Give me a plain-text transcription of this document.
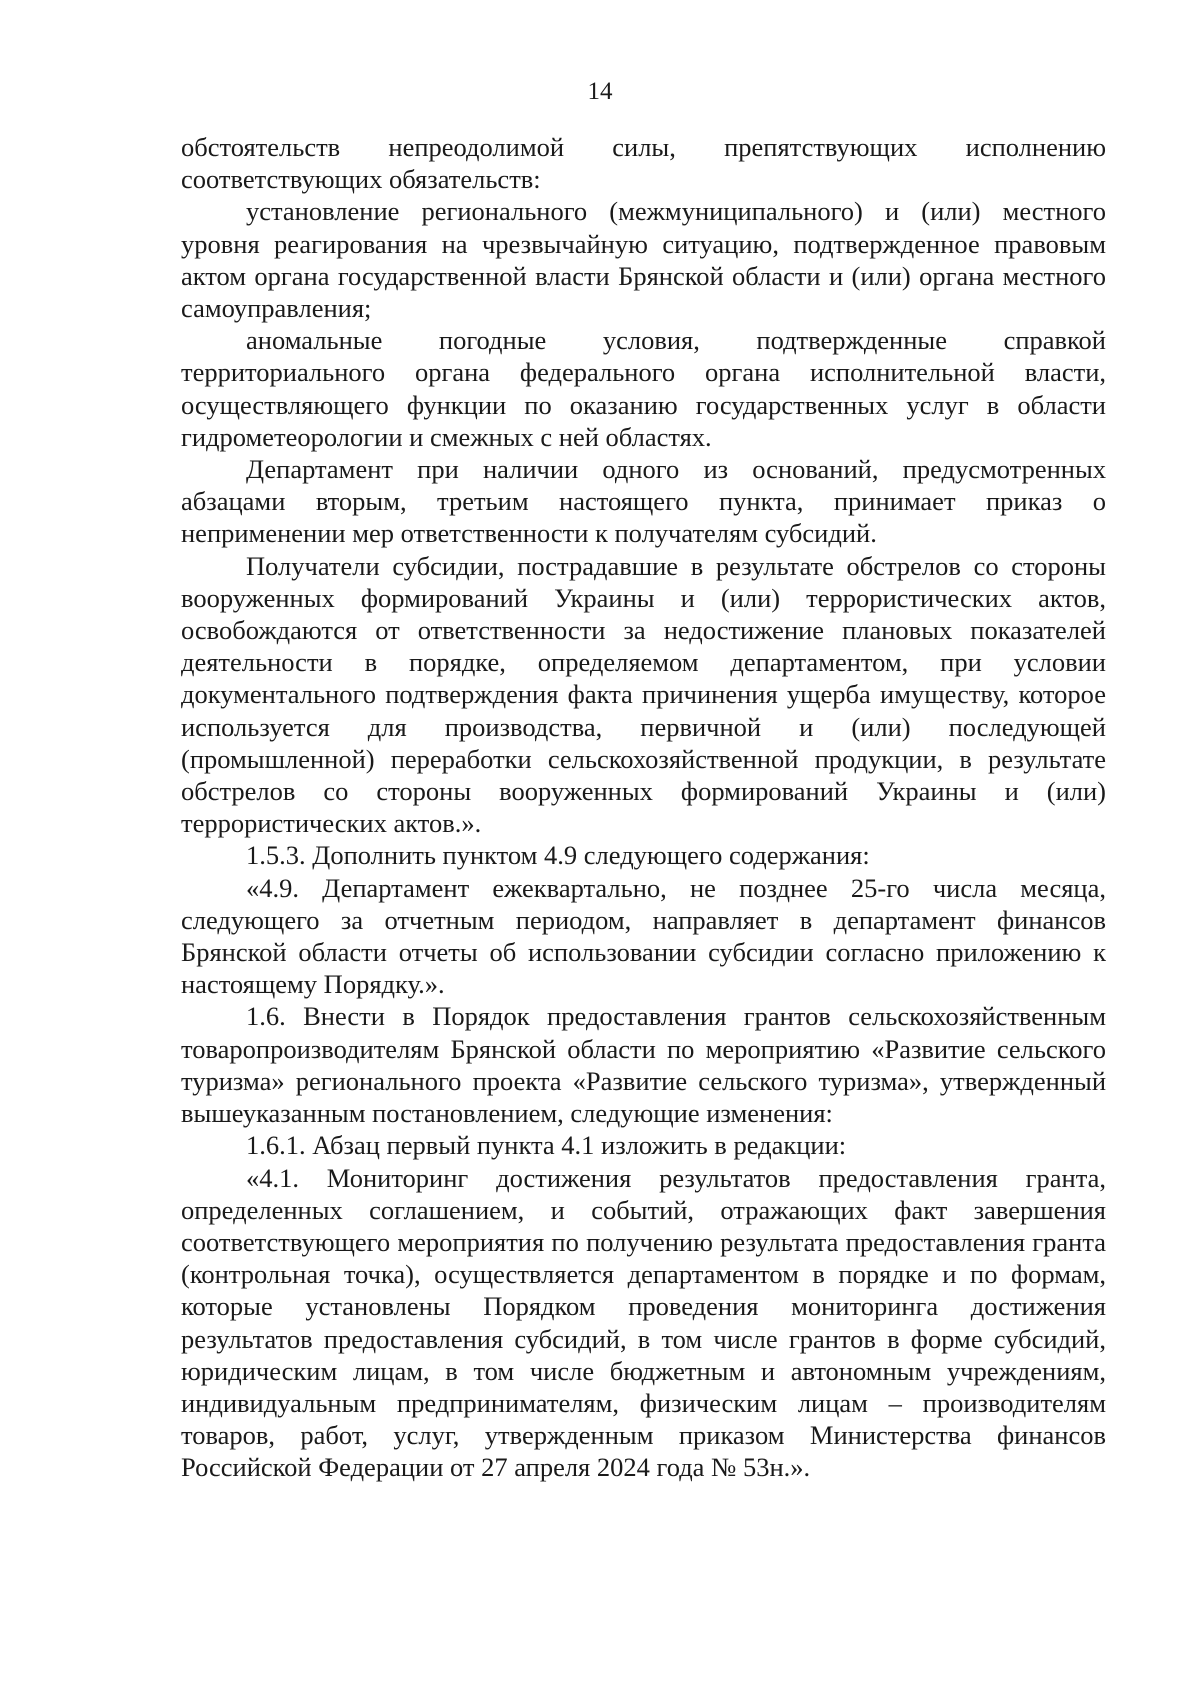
14

обстоятельств непреодолимой силы, препятствующих исполнению соответствующих обязательств:

установление регионального (межмуниципального) и (или) местного уровня реагирования на чрезвычайную ситуацию, подтвержденное правовым актом органа государственной власти Брянской области и (или) органа местного самоуправления;

аномальные погодные условия, подтвержденные справкой территориального органа федерального органа исполнительной власти, осуществляющего функции по оказанию государственных услуг в области гидрометеорологии и смежных с ней областях.

Департамент при наличии одного из оснований, предусмотренных абзацами вторым, третьим настоящего пункта, принимает приказ о неприменении мер ответственности к получателям субсидий.

Получатели субсидии, пострадавшие в результате обстрелов со стороны вооруженных формирований Украины и (или) террористических актов, освобождаются от ответственности за недостижение плановых показателей деятельности в порядке, определяемом департаментом, при условии документального подтверждения факта причинения ущерба имуществу, которое используется для производства, первичной и (или) последующей (промышленной) переработки сельскохозяйственной продукции, в результате обстрелов со стороны вооруженных формирований Украины и (или) террористических актов.».

1.5.3. Дополнить пунктом 4.9 следующего содержания:

«4.9. Департамент ежеквартально, не позднее 25-го числа месяца, следующего за отчетным периодом, направляет в департамент финансов Брянской области отчеты об использовании субсидии согласно приложению к настоящему Порядку.».

1.6. Внести в Порядок предоставления грантов сельскохозяйственным товаропроизводителям Брянской области по мероприятию «Развитие сельского туризма» регионального проекта «Развитие сельского туризма», утвержденный вышеуказанным постановлением, следующие изменения:

1.6.1. Абзац первый пункта 4.1 изложить в редакции:

«4.1. Мониторинг достижения результатов предоставления гранта, определенных соглашением, и событий, отражающих факт завершения соответствующего мероприятия по получению результата предоставления гранта (контрольная точка), осуществляется департаментом в порядке и по формам, которые установлены Порядком проведения мониторинга достижения результатов предоставления субсидий, в том числе грантов в форме субсидий, юридическим лицам, в том числе бюджетным и автономным учреждениям, индивидуальным предпринимателям, физическим лицам – производителям товаров, работ, услуг, утвержденным приказом Министерства финансов Российской Федерации от 27 апреля 2024 года № 53н.».
